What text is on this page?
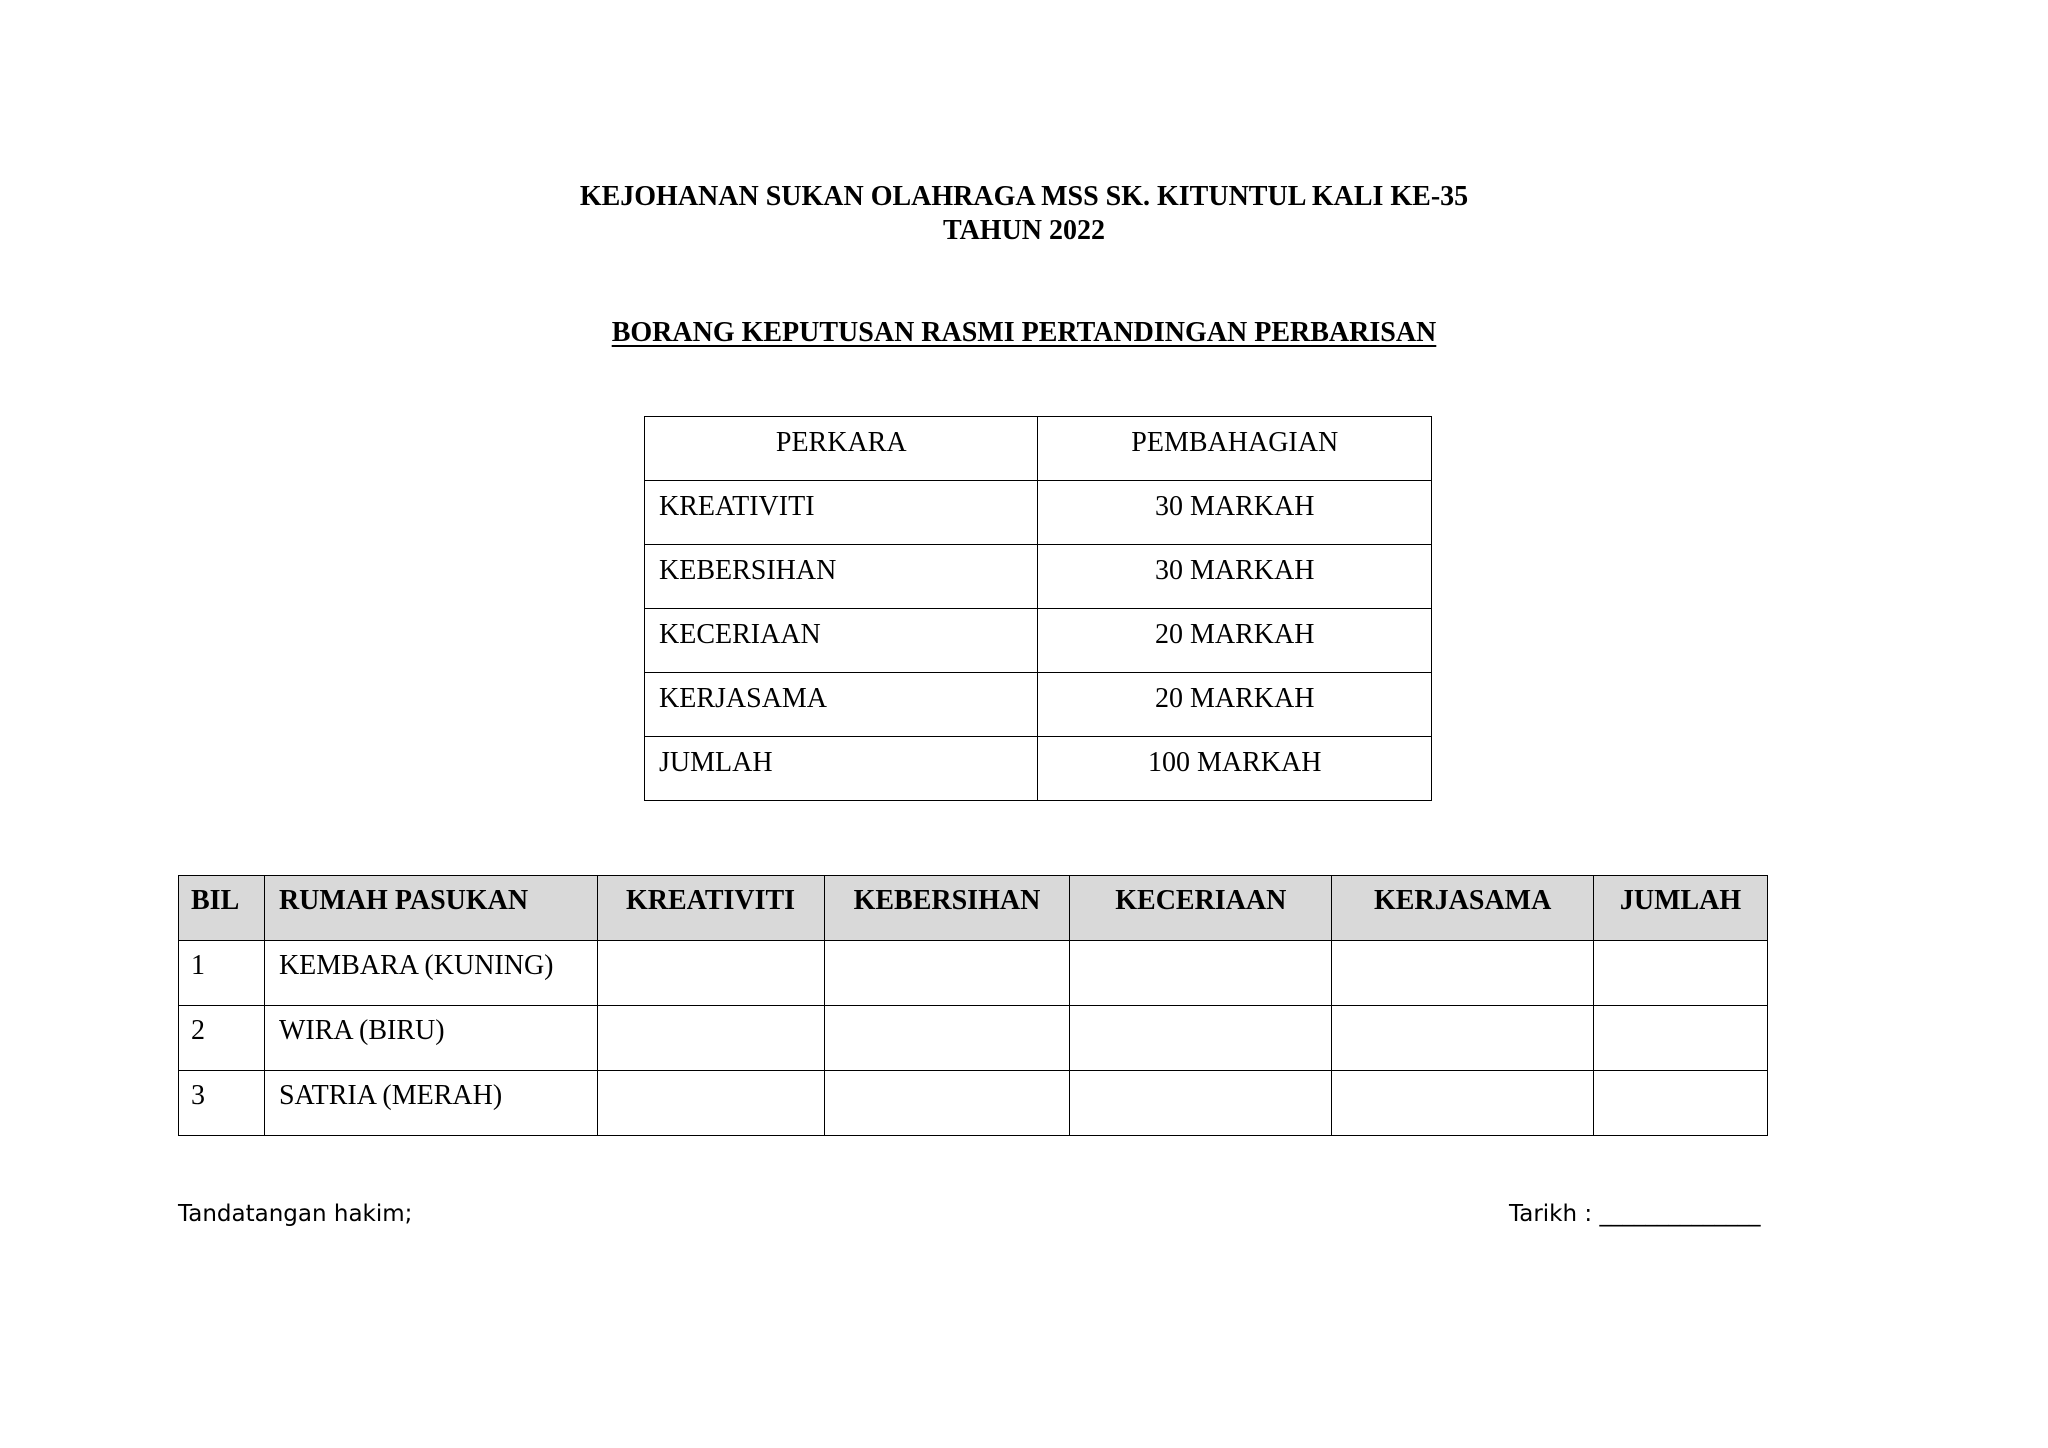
KEJOHANAN SUKAN OLAHRAGA MSS SK. KITUNTUL KALI KE-35
TAHUN 2022
BORANG KEPUTUSAN RASMI PERTANDINGAN PERBARISAN
PERKARA	PEMBAHAGIAN
KREATIVITI	30 MARKAH
KEBERSIHAN	30 MARKAH
KECERIAAN	20 MARKAH
KERJASAMA	20 MARKAH
JUMLAH	100 MARKAH
BIL	RUMAH PASUKAN	KREATIVITI	KEBERSIHAN	KECERIAAN	KERJASAMA	JUMLAH
1	KEMBARA (KUNING)					
2	WIRA (BIRU)					
3	SATRIA (MERAH)					
Tandatangan hakim;	Tarikh : ______________
